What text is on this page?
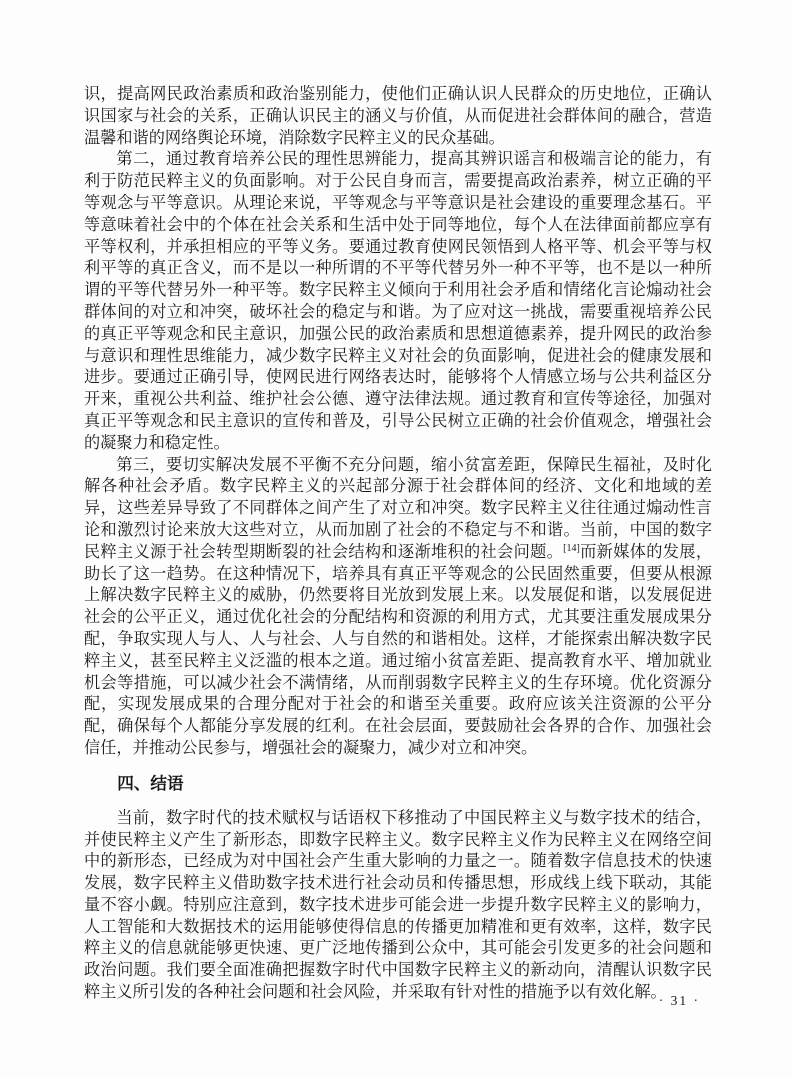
识，提高网民政治素质和政治鉴别能力，使他们正确认识人民群众的历史地位，正确认识国家与社会的关系，正确认识民主的涵义与价值，从而促进社会群体间的融合，营造温馨和谐的网络舆论环境，消除数字民粹主义的民众基础。

第二，通过教育培养公民的理性思辨能力，提高其辨识谣言和极端言论的能力，有利于防范民粹主义的负面影响。对于公民自身而言，需要提高政治素养，树立正确的平等观念与平等意识。从理论来说，平等观念与平等意识是社会建设的重要理念基石。平等意味着社会中的个体在社会关系和生活中处于同等地位，每个人在法律面前都应享有平等权利，并承担相应的平等义务。要通过教育使网民领悟到人格平等、机会平等与权利平等的真正含义，而不是以一种所谓的不平等代替另外一种不平等，也不是以一种所谓的平等代替另外一种平等。数字民粹主义倾向于利用社会矛盾和情绪化言论煽动社会群体间的对立和冲突，破坏社会的稳定与和谐。为了应对这一挑战，需要重视培养公民的真正平等观念和民主意识，加强公民的政治素质和思想道德素养，提升网民的政治参与意识和理性思维能力，减少数字民粹主义对社会的负面影响，促进社会的健康发展和进步。要通过正确引导，使网民进行网络表达时，能够将个人情感立场与公共利益区分开来，重视公共利益、维护社会公德、遵守法律法规。通过教育和宣传等途径，加强对真正平等观念和民主意识的宣传和普及，引导公民树立正确的社会价值观念，增强社会的凝聚力和稳定性。

第三，要切实解决发展不平衡不充分问题，缩小贫富差距，保障民生福祉，及时化解各种社会矛盾。数字民粹主义的兴起部分源于社会群体间的经济、文化和地域的差异，这些差异导致了不同群体之间产生了对立和冲突。数字民粹主义往往通过煽动性言论和激烈讨论来放大这些对立，从而加剧了社会的不稳定与不和谐。当前，中国的数字民粹主义源于社会转型期断裂的社会结构和逐渐堆积的社会问题。[14]而新媒体的发展，助长了这一趋势。在这种情况下，培养具有真正平等观念的公民固然重要，但要从根源上解决数字民粹主义的威胁，仍然要将目光放到发展上来。以发展促和谐，以发展促进社会的公平正义，通过优化社会的分配结构和资源的利用方式，尤其要注重发展成果分配，争取实现人与人、人与社会、人与自然的和谐相处。这样，才能探索出解决数字民粹主义，甚至民粹主义泛滥的根本之道。通过缩小贫富差距、提高教育水平、增加就业机会等措施，可以减少社会不满情绪，从而削弱数字民粹主义的生存环境。优化资源分配，实现发展成果的合理分配对于社会的和谐至关重要。政府应该关注资源的公平分配，确保每个人都能分享发展的红利。在社会层面，要鼓励社会各界的合作、加强社会信任，并推动公民参与，增强社会的凝聚力，减少对立和冲突。

四、结语

当前，数字时代的技术赋权与话语权下移推动了中国民粹主义与数字技术的结合，并使民粹主义产生了新形态，即数字民粹主义。数字民粹主义作为民粹主义在网络空间中的新形态，已经成为对中国社会产生重大影响的力量之一。随着数字信息技术的快速发展，数字民粹主义借助数字技术进行社会动员和传播思想，形成线上线下联动，其能量不容小觑。特别应注意到，数字技术进步可能会进一步提升数字民粹主义的影响力，人工智能和大数据技术的运用能够使得信息的传播更加精准和更有效率，这样，数字民粹主义的信息就能够更快速、更广泛地传播到公众中，其可能会引发更多的社会问题和政治问题。我们要全面准确把握数字时代中国数字民粹主义的新动向，清醒认识数字民粹主义所引发的各种社会问题和社会风险，并采取有针对性的措施予以有效化解。

· 31 ·
